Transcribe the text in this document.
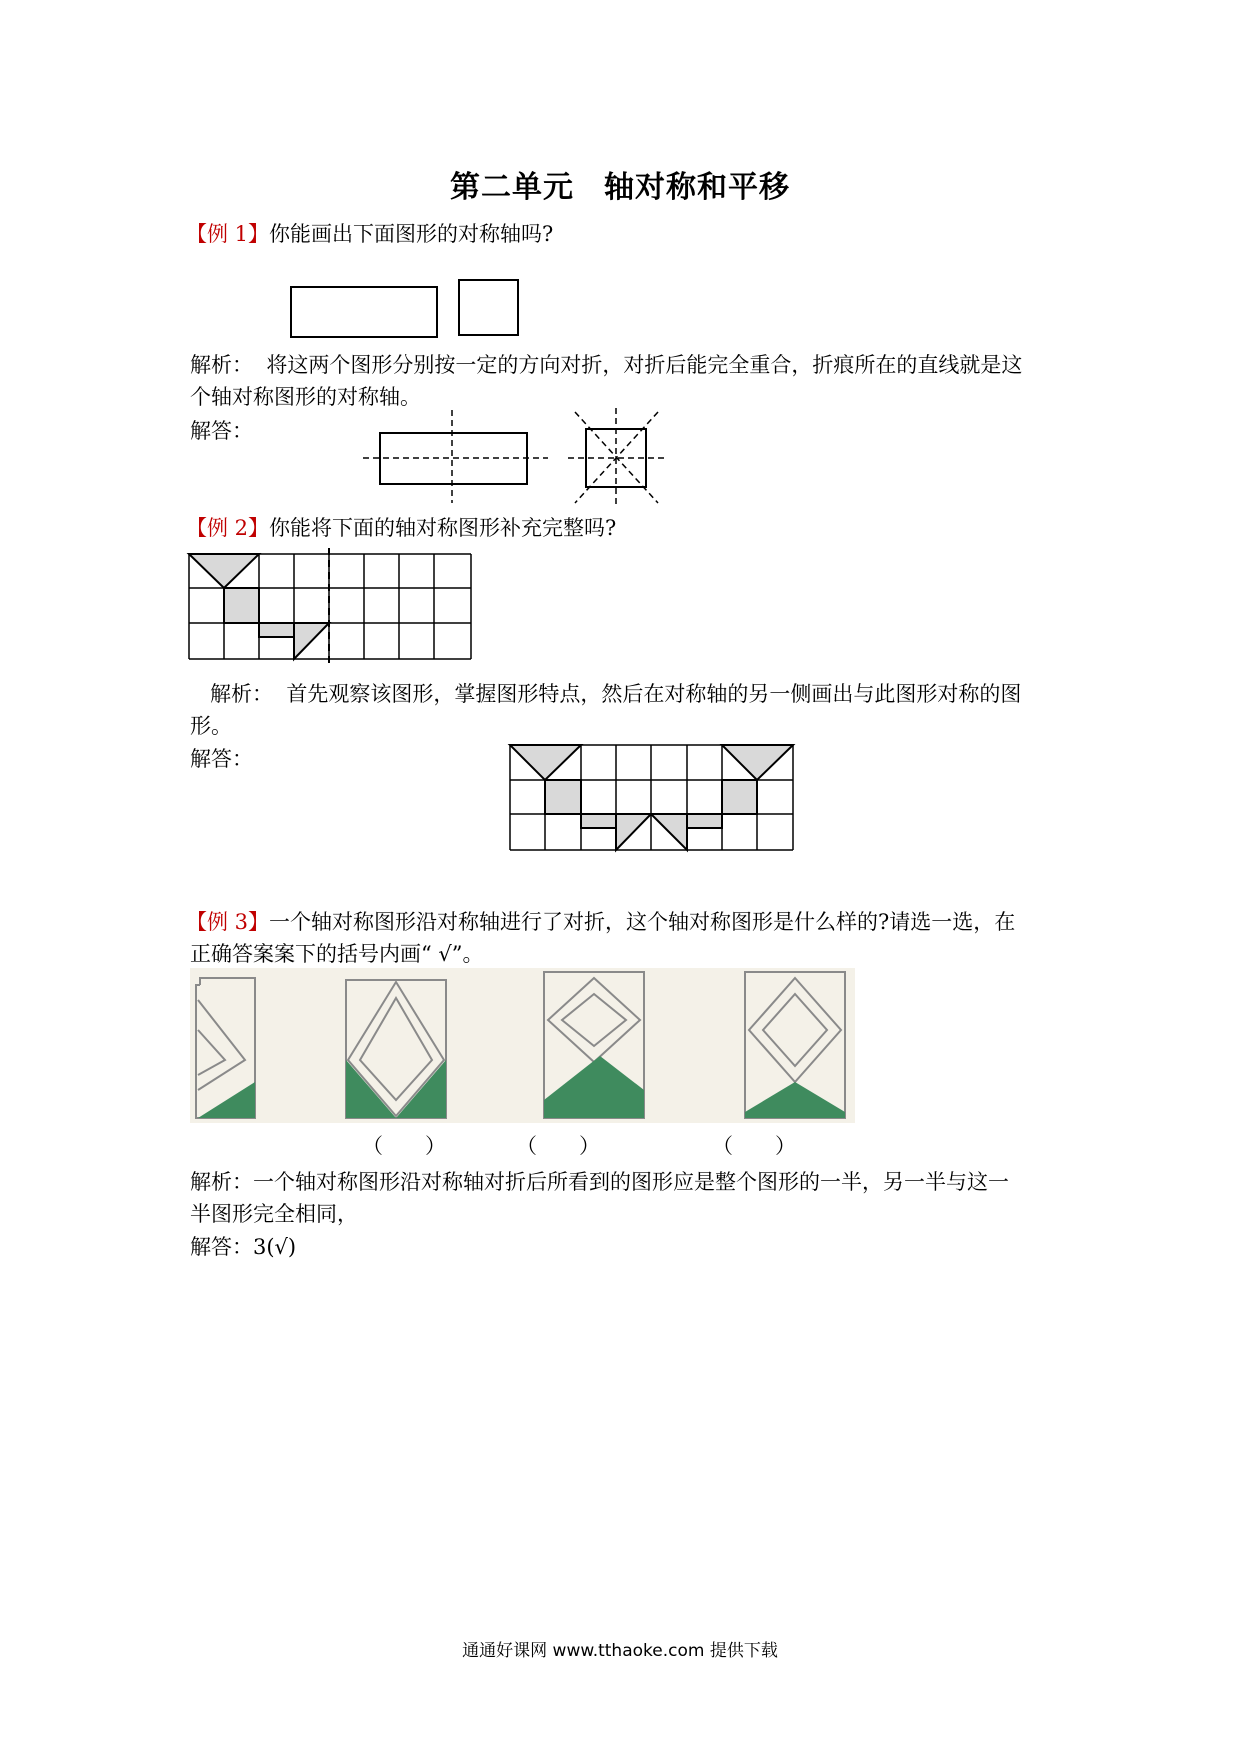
第二单元 轴对称和平移
【例 1】你能画出下面图形的对称轴吗?
解析： 将这两个图形分别按一定的方向对折，对折后能完全重合，折痕所在的直线就是这
个轴对称图形的对称轴。
解答：
【例 2】你能将下面的轴对称图形补充完整吗?
解析： 首先观察该图形，掌握图形特点，然后在对称轴的另一侧画出与此图形对称的图
形。
解答：
【例 3】一个轴对称图形沿对称轴进行了对折，这个轴对称图形是什么样的?请选一选，在
正确答案案下的括号内画“ √”。
（　　）	（　　）	（　　）
解析：一个轴对称图形沿对称轴对折后所看到的图形应是整个图形的一半，另一半与这一
半图形完全相同，
解答：3(√)
通通好课网 www.tthaoke.com 提供下载
